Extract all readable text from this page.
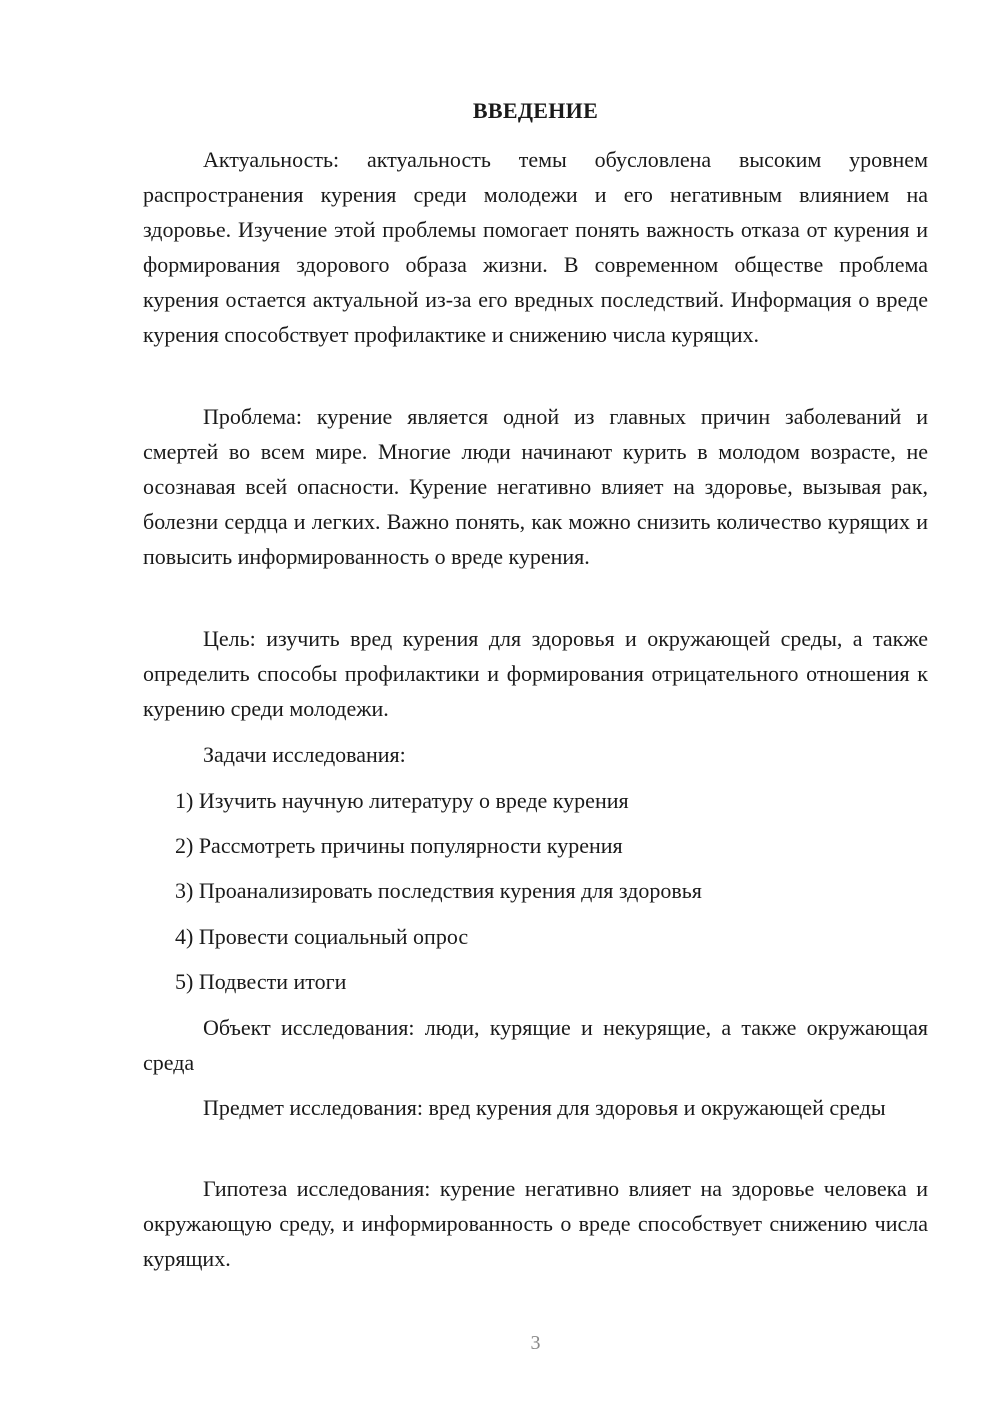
ВВЕДЕНИЕ

Актуальность: актуальность темы обусловлена высоким уровнем распространения курения среди молодежи и его негативным влиянием на здоровье. Изучение этой проблемы помогает понять важность отказа от курения и формирования здорового образа жизни. В современном обществе проблема курения остается актуальной из-за его вредных последствий. Информация о вреде курения способствует профилактике и снижению числа курящих.

Проблема: курение является одной из главных причин заболеваний и смертей во всем мире. Многие люди начинают курить в молодом возрасте, не осознавая всей опасности. Курение негативно влияет на здоровье, вызывая рак, болезни сердца и легких. Важно понять, как можно снизить количество курящих и повысить информированность о вреде курения.

Цель: изучить вред курения для здоровья и окружающей среды, а также определить способы профилактики и формирования отрицательного отношения к курению среди молодежи.

Задачи исследования:

1) Изучить научную литературу о вреде курения

2) Рассмотреть причины популярности курения

3) Проанализировать последствия курения для здоровья

4) Провести социальный опрос

5) Подвести итоги

Объект исследования: люди, курящие и некурящие, а также окружающая среда

Предмет исследования: вред курения для здоровья и окружающей среды

Гипотеза исследования: курение негативно влияет на здоровье человека и окружающую среду, и информированность о вреде способствует снижению числа курящих.

3
